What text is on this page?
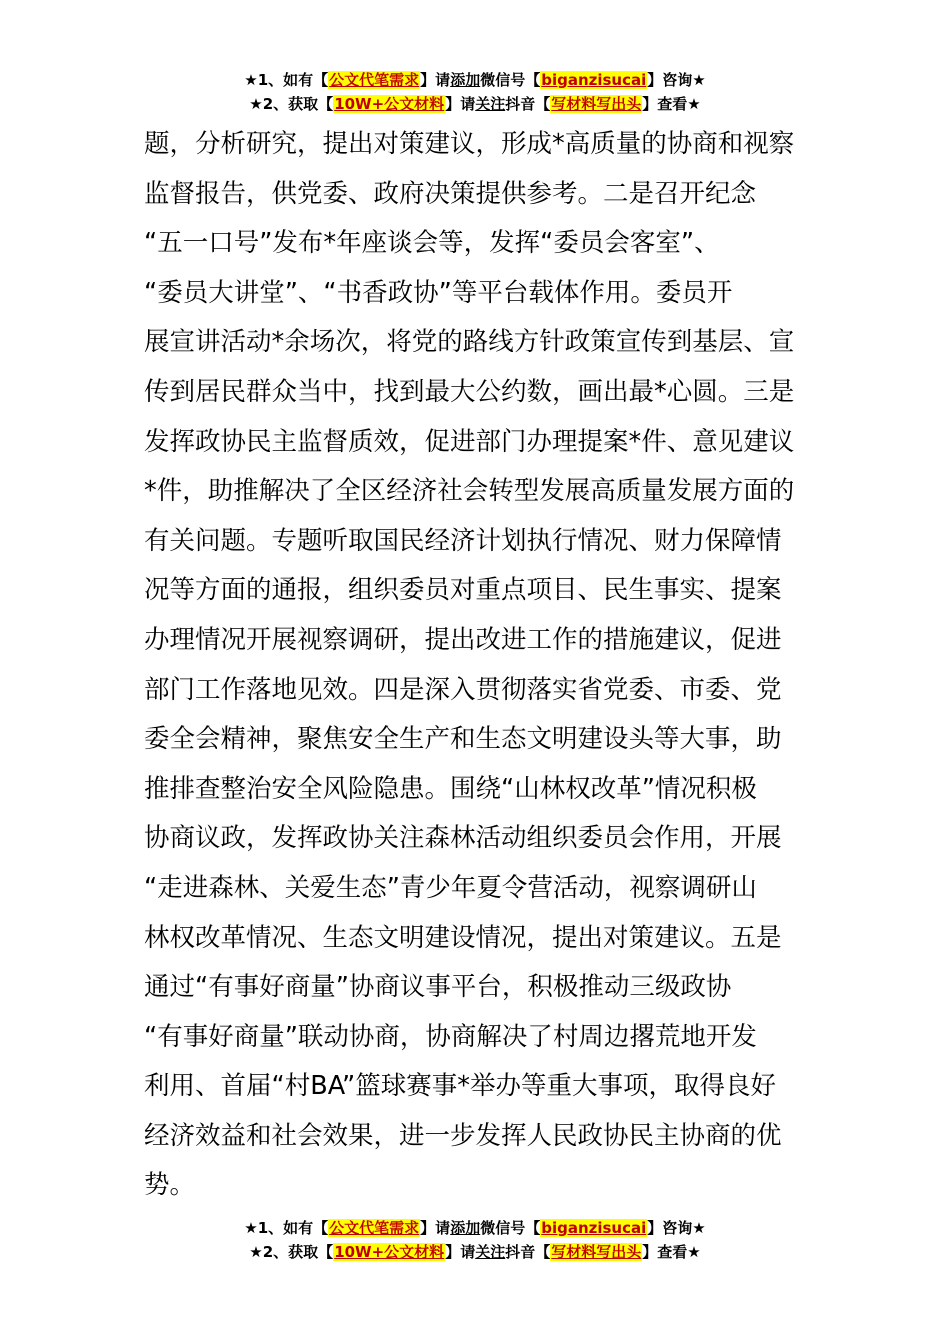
★1、如有【公文代笔需求】请添加微信号【biganzisucai】咨询★
★2、获取【10W+公文材料】请关注抖音【写材料写出头】查看★
题，分析研究，提出对策建议，形成*高质量的协商和视察
监督报告，供党委、政府决策提供参考。二是召开纪念
“五一口号”发布*年座谈会等，发挥“委员会客室”、
“委员大讲堂”、“书香政协”等平台载体作用。委员开
展宣讲活动*余场次，将党的路线方针政策宣传到基层、宣
传到居民群众当中，找到最大公约数，画出最*心圆。三是
发挥政协民主监督质效，促进部门办理提案*件、意见建议
*件，助推解决了全区经济社会转型发展高质量发展方面的
有关问题。专题听取国民经济计划执行情况、财力保障情
况等方面的通报，组织委员对重点项目、民生事实、提案
办理情况开展视察调研，提出改进工作的措施建议，促进
部门工作落地见效。四是深入贯彻落实省党委、市委、党
委全会精神，聚焦安全生产和生态文明建设头等大事，助
推排查整治安全风险隐患。围绕“山林权改革”情况积极
协商议政，发挥政协关注森林活动组织委员会作用，开展
“走进森林、关爱生态”青少年夏令营活动，视察调研山
林权改革情况、生态文明建设情况，提出对策建议。五是
通过“有事好商量”协商议事平台，积极推动三级政协
“有事好商量”联动协商，协商解决了村周边撂荒地开发
利用、首届“村BA”篮球赛事*举办等重大事项，取得良好
经济效益和社会效果，进一步发挥人民政协民主协商的优
势。
★1、如有【公文代笔需求】请添加微信号【biganzisucai】咨询★
★2、获取【10W+公文材料】请关注抖音【写材料写出头】查看★
